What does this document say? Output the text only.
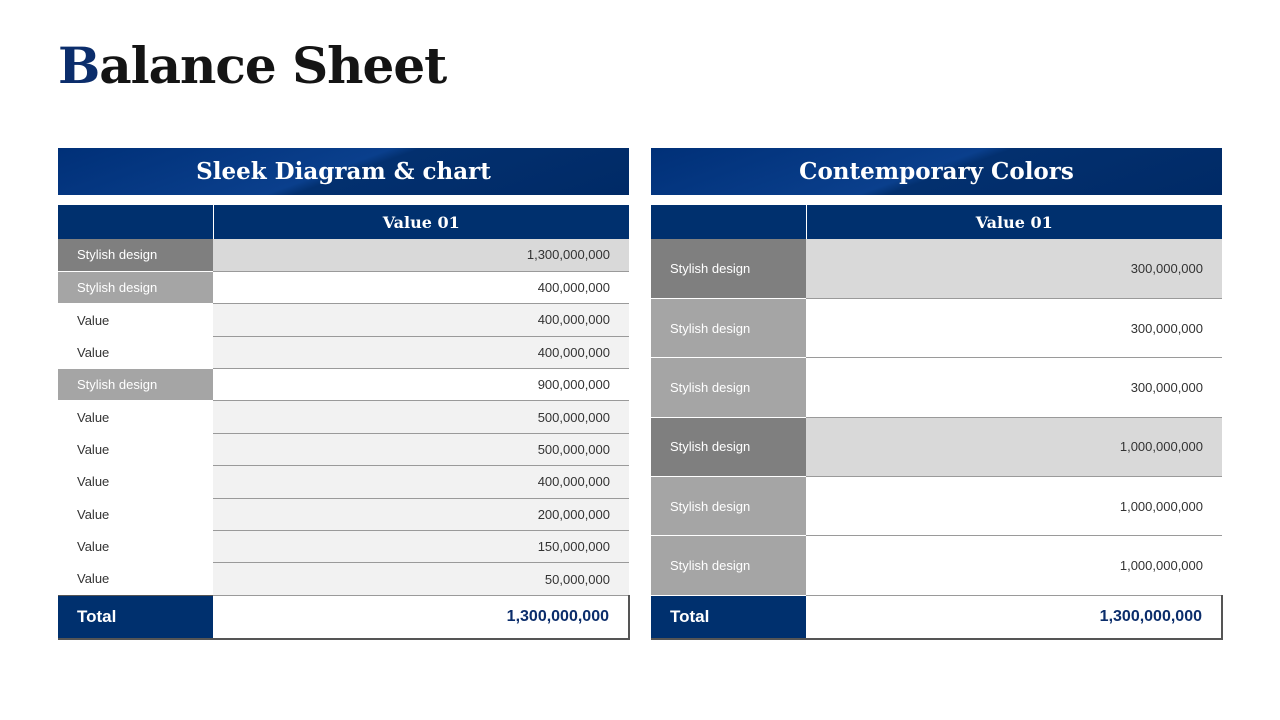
Balance Sheet
Sleek Diagram & chart
	Value 01
Stylish design	1,300,000,000
Stylish design	400,000,000
Value	400,000,000
Value	400,000,000
Stylish design	900,000,000
Value	500,000,000
Value	500,000,000
Value	400,000,000
Value	200,000,000
Value	150,000,000
Value	50,000,000
Total	1,300,000,000
Contemporary Colors
	Value 01
Stylish design	300,000,000
Stylish design	300,000,000
Stylish design	300,000,000
Stylish design	1,000,000,000
Stylish design	1,000,000,000
Stylish design	1,000,000,000
Total	1,300,000,000
